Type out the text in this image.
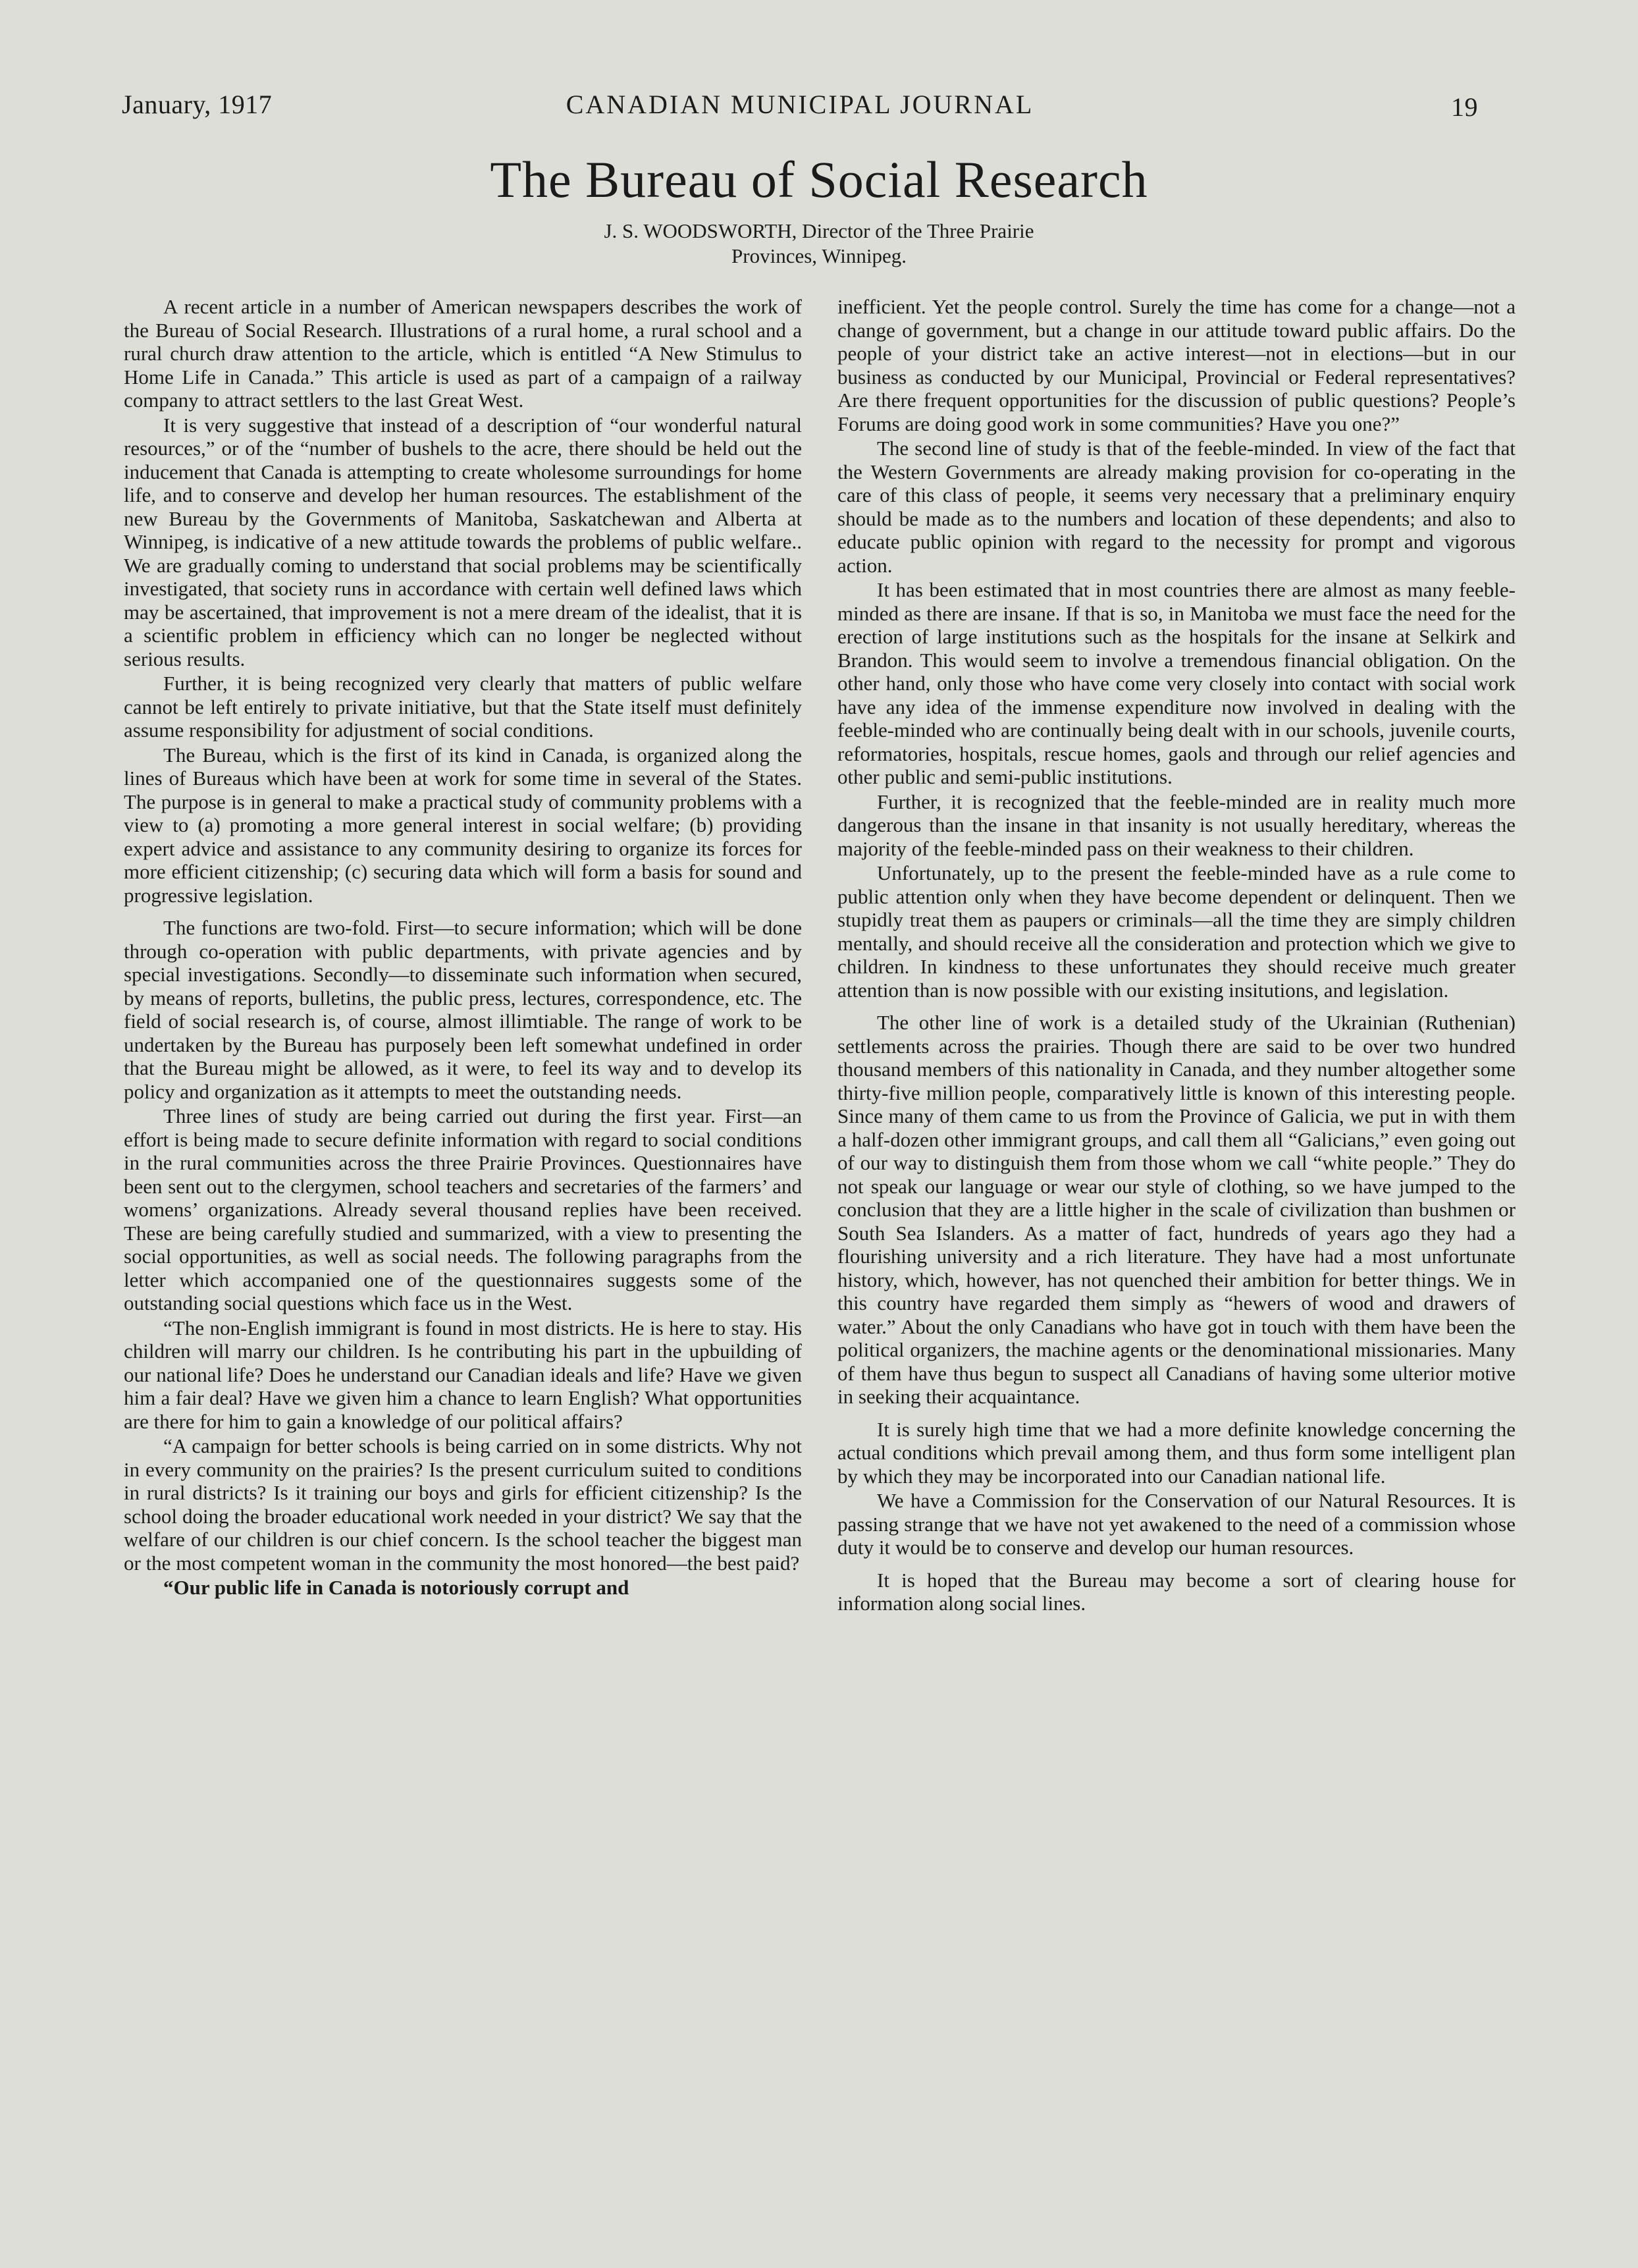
January, 1917	CANADIAN MUNICIPAL JOURNAL	19
The Bureau of Social Research
J. S. WOODSWORTH, Director of the Three Prairie
Provinces, Winnipeg.

A recent article in a number of American newspapers describes the work of the Bureau of Social Research. Illustrations of a rural home, a rural school and a rural church draw attention to the article, which is entitled “A New Stimulus to Home Life in Canada.” This article is used as part of a campaign of a railway company to attract settlers to the last Great West.

It is very suggestive that instead of a description of “our wonderful natural resources,” or of the “number of bushels to the acre, there should be held out the inducement that Canada is attempting to create wholesome surroundings for home life, and to conserve and develop her human resources. The establishment of the new Bureau by the Governments of Manitoba, Saskatchewan and Alberta at Winnipeg, is indicative of a new attitude towards the problems of public welfare.. We are gradually coming to understand that social problems may be scientifically investigated, that society runs in accordance with certain well defined laws which may be ascertained, that improvement is not a mere dream of the idealist, that it is a scientific problem in efficiency which can no longer be neglected without serious results.

Further, it is being recognized very clearly that matters of public welfare cannot be left entirely to private initiative, but that the State itself must definitely assume responsibility for adjustment of social conditions.

The Bureau, which is the first of its kind in Canada, is organized along the lines of Bureaus which have been at work for some time in several of the States. The purpose is in general to make a practical study of community problems with a view to (a) promoting a more general interest in social welfare; (b) providing expert advice and assistance to any community desiring to organize its forces for more efficient citizenship; (c) securing data which will form a basis for sound and progressive legislation.

The functions are two-fold. First—to secure information; which will be done through co-operation with public departments, with private agencies and by special investigations. Secondly—to disseminate such information when secured, by means of reports, bulletins, the public press, lectures, correspondence, etc. The field of social research is, of course, almost illimtiable. The range of work to be undertaken by the Bureau has purposely been left somewhat undefined in order that the Bureau might be allowed, as it were, to feel its way and to develop its policy and organization as it attempts to meet the outstanding needs.

Three lines of study are being carried out during the first year. First—an effort is being made to secure definite information with regard to social conditions in the rural communities across the three Prairie Provinces. Questionnaires have been sent out to the clergymen, school teachers and secretaries of the farmers’ and womens’ organizations. Already several thousand replies have been received. These are being carefully studied and summarized, with a view to presenting the social opportunities, as well as social needs. The following paragraphs from the letter which accompanied one of the questionnaires suggests some of the outstanding social questions which face us in the West.

“The non-English immigrant is found in most districts. He is here to stay. His children will marry our children. Is he contributing his part in the upbuilding of our national life? Does he understand our Canadian ideals and life? Have we given him a fair deal? Have we given him a chance to learn English? What opportunities are there for him to gain a knowledge of our political affairs?

“A campaign for better schools is being carried on in some districts. Why not in every community on the prairies? Is the present curriculum suited to conditions in rural districts? Is it training our boys and girls for efficient citizenship? Is the school doing the broader educational work needed in your district? We say that the welfare of our children is our chief concern. Is the school teacher the biggest man or the most competent woman in the community the most honored—the best paid?

“Our public life in Canada is notoriously corrupt and

inefficient. Yet the people control. Surely the time has come for a change—not a change of government, but a change in our attitude toward public affairs. Do the people of your district take an active interest—not in elections—but in our business as conducted by our Municipal, Provincial or Federal representatives? Are there frequent opportunities for the discussion of public questions? People’s Forums are doing good work in some communities? Have you one?”

The second line of study is that of the feeble-minded. In view of the fact that the Western Governments are already making provision for co-operating in the care of this class of people, it seems very necessary that a preliminary enquiry should be made as to the numbers and location of these dependents; and also to educate public opinion with regard to the necessity for prompt and vigorous action.

It has been estimated that in most countries there are almost as many feeble-minded as there are insane. If that is so, in Manitoba we must face the need for the erection of large institutions such as the hospitals for the insane at Selkirk and Brandon. This would seem to involve a tremendous financial obligation. On the other hand, only those who have come very closely into contact with social work have any idea of the immense expenditure now involved in dealing with the feeble-minded who are continually being dealt with in our schools, juvenile courts, reformatories, hospitals, rescue homes, gaols and through our relief agencies and other public and semi-public institutions.

Further, it is recognized that the feeble-minded are in reality much more dangerous than the insane in that insanity is not usually hereditary, whereas the majority of the feeble-minded pass on their weakness to their children.

Unfortunately, up to the present the feeble-minded have as a rule come to public attention only when they have become dependent or delinquent. Then we stupidly treat them as paupers or criminals—all the time they are simply children mentally, and should receive all the consideration and protection which we give to children. In kindness to these unfortunates they should receive much greater attention than is now possible with our existing insitutions, and legislation.

The other line of work is a detailed study of the Ukrainian (Ruthenian) settlements across the prairies. Though there are said to be over two hundred thousand members of this nationality in Canada, and they number altogether some thirty-five million people, comparatively little is known of this interesting people. Since many of them came to us from the Province of Galicia, we put in with them a half-dozen other immigrant groups, and call them all “Galicians,” even going out of our way to distinguish them from those whom we call “white people.” They do not speak our language or wear our style of clothing, so we have jumped to the conclusion that they are a little higher in the scale of civilization than bushmen or South Sea Islanders. As a matter of fact, hundreds of years ago they had a flourishing university and a rich literature. They have had a most unfortunate history, which, however, has not quenched their ambition for better things. We in this country have regarded them simply as “hewers of wood and drawers of water.” About the only Canadians who have got in touch with them have been the political organizers, the machine agents or the denominational missionaries. Many of them have thus begun to suspect all Canadians of having some ulterior motive in seeking their acquaintance.

It is surely high time that we had a more definite knowledge concerning the actual conditions which prevail among them, and thus form some intelligent plan by which they may be incorporated into our Canadian national life.

We have a Commission for the Conservation of our Natural Resources. It is passing strange that we have not yet awakened to the need of a commission whose duty it would be to conserve and develop our human resources.

It is hoped that the Bureau may become a sort of clearing house for information along social lines.
